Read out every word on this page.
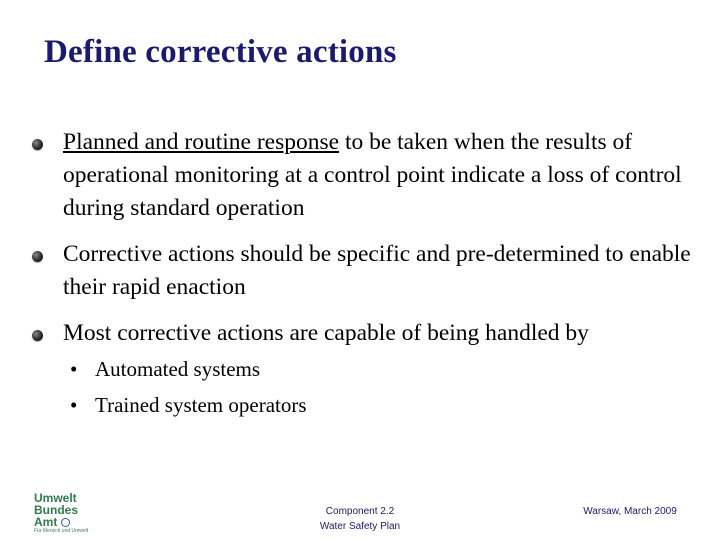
Define corrective actions
Planned and routine response to be taken when the results of operational monitoring at a control point indicate a loss of control during standard operation
Corrective actions should be specific and pre-determined to enable their rapid enaction
Most corrective actions are capable of being handled by
• Automated systems
• Trained system operators
Umwelt
Bundes
Amt
Für Mensch und Umwelt
Component 2.2
Water Safety Plan
Warsaw, March 2009
